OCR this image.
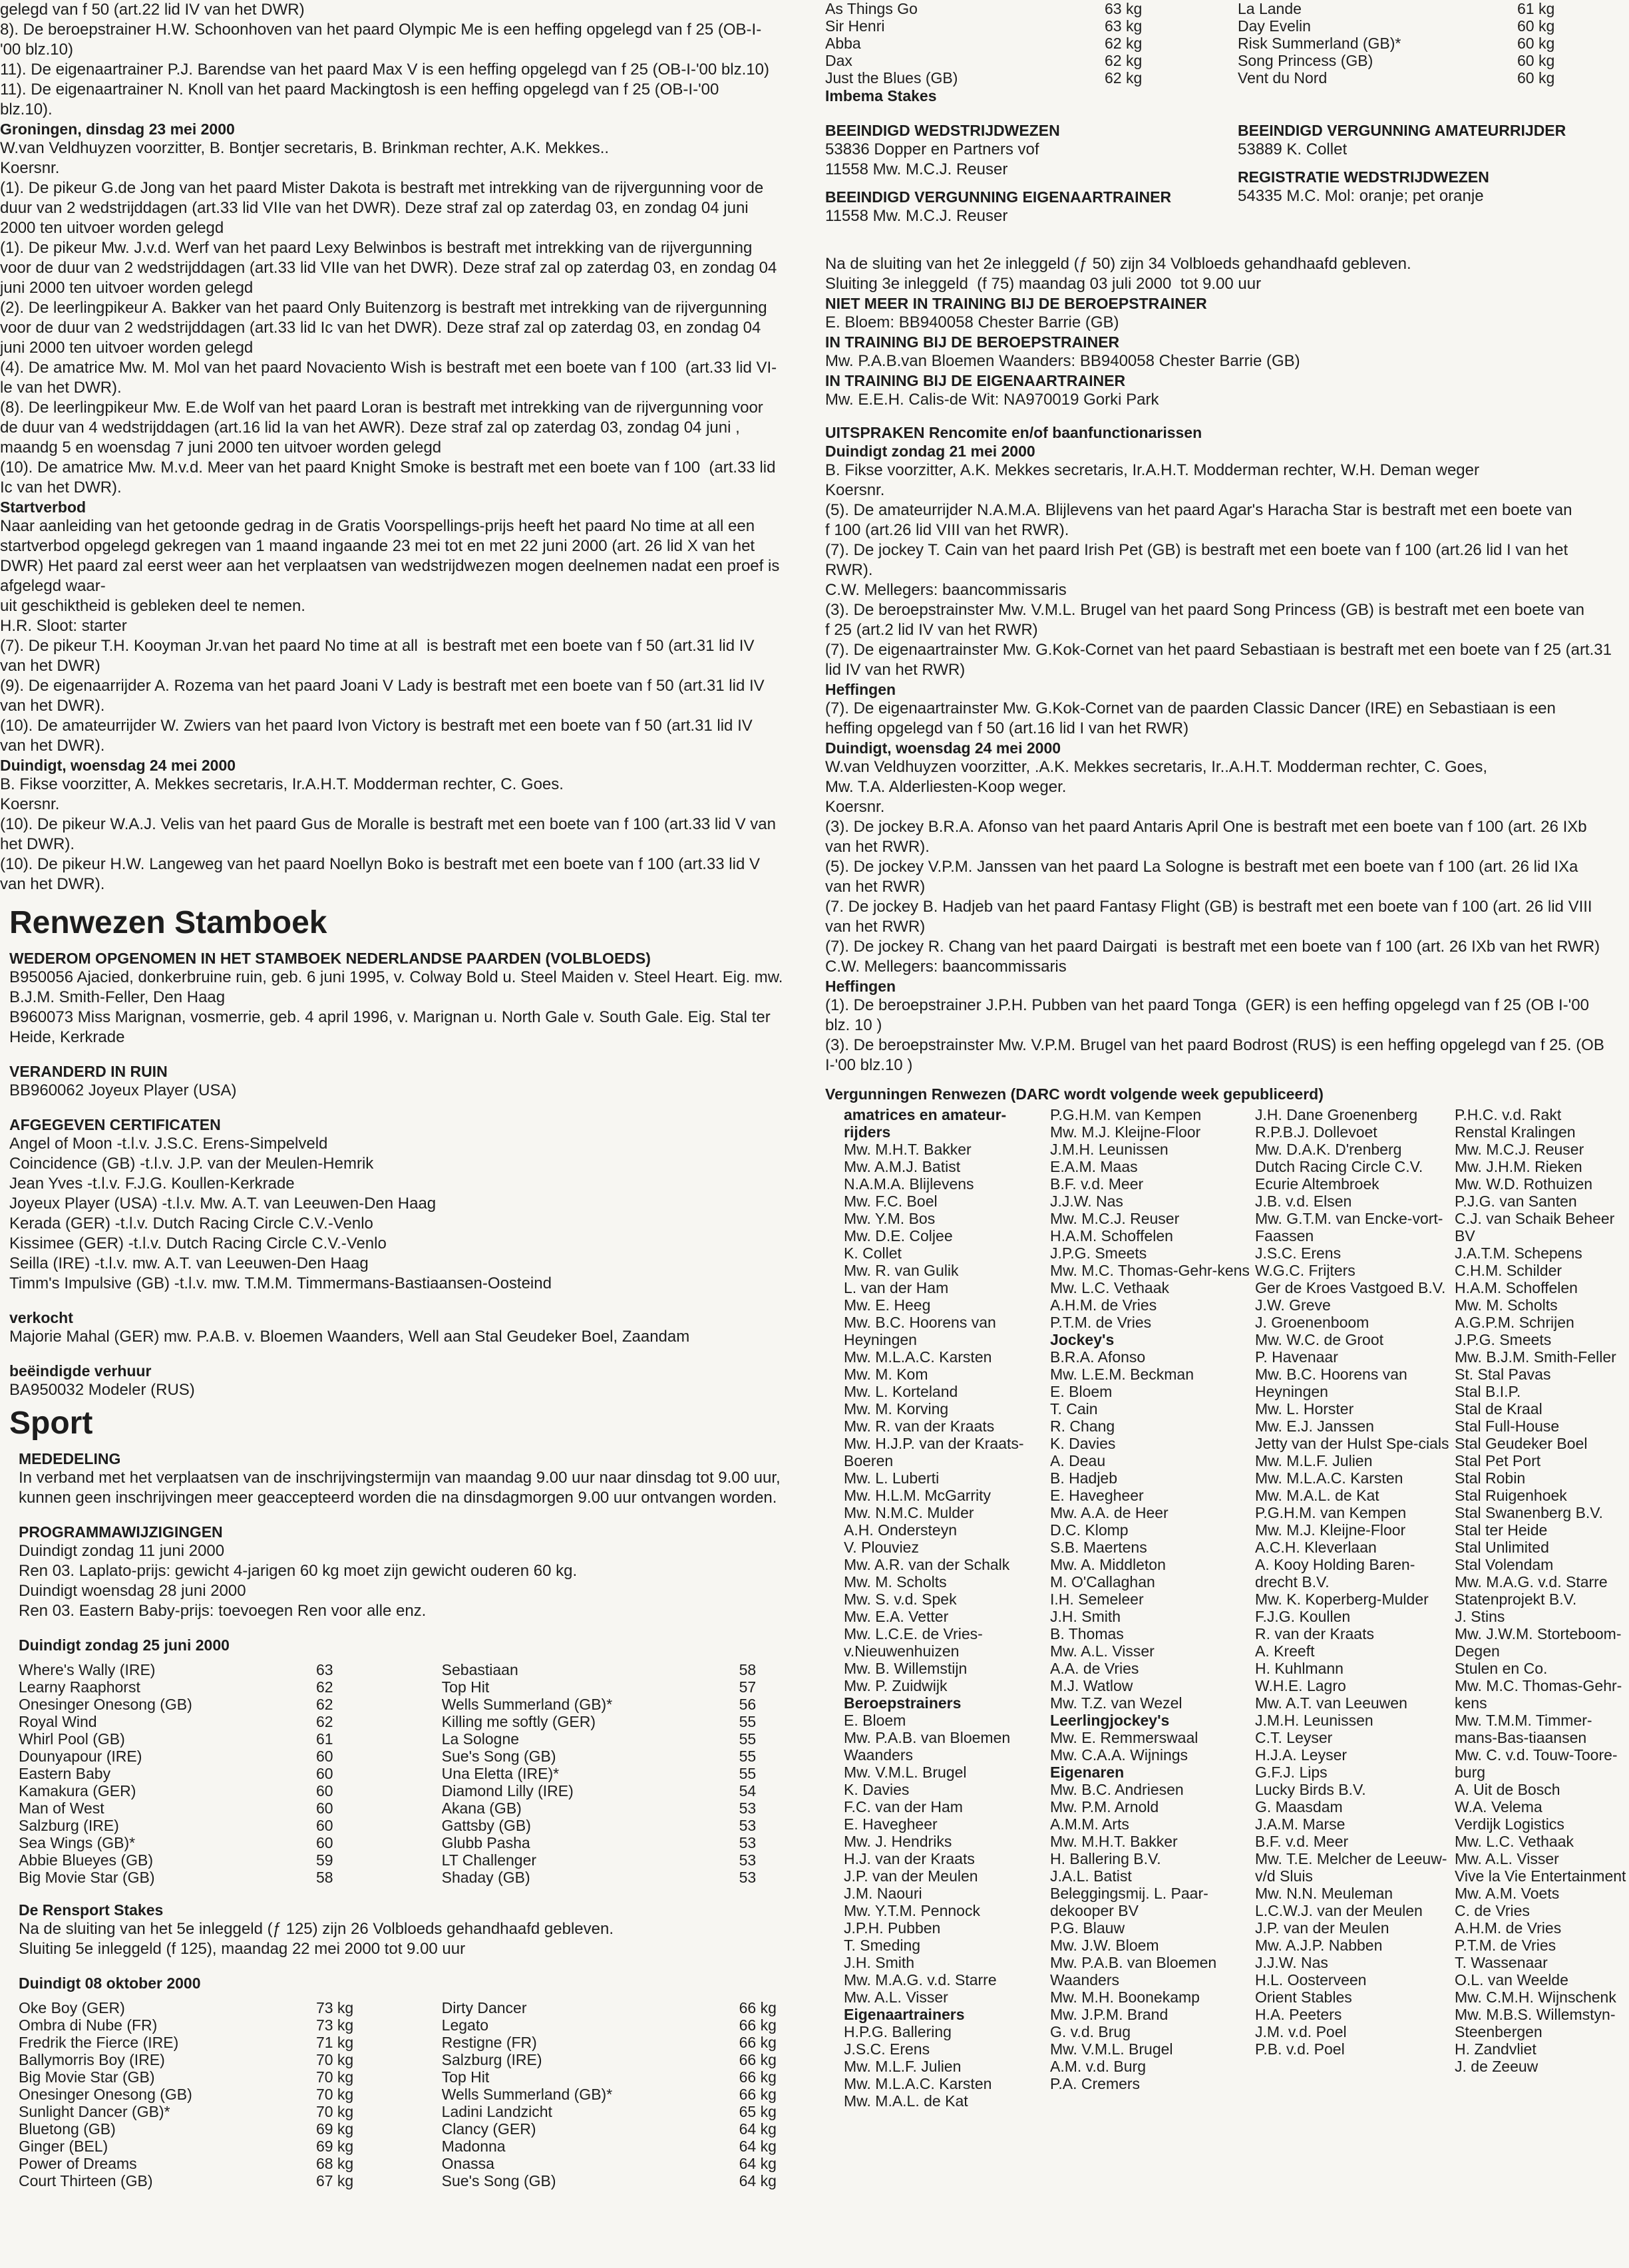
gelegd van f 50 (art.22 lid IV van het DWR)

8). De beroepstrainer H.W. Schoonhoven van het paard Olympic Me is een heffing opgelegd van f 25 (OB-I-

'00 blz.10)

11). De eigenaartrainer P.J. Barendse van het paard Max V is een heffing opgelegd van f 25 (OB-I-'00 blz.10)

11). De eigenaartrainer N. Knoll van het paard Mackingtosh is een heffing opgelegd van f 25 (OB-I-'00

blz.10).

Groningen, dinsdag 23 mei 2000

W.van Veldhuyzen voorzitter, B. Bontjer secretaris, B. Brinkman rechter, A.K. Mekkes..

Koersnr.

(1). De pikeur G.de Jong van het paard Mister Dakota is bestraft met intrekking van de rijvergunning voor de

duur van 2 wedstrijddagen (art.33 lid VIIe van het DWR). Deze straf zal op zaterdag 03, en zondag 04 juni

2000 ten uitvoer worden gelegd

(1). De pikeur Mw. J.v.d. Werf van het paard Lexy Belwinbos is bestraft met intrekking van de rijvergunning

voor de duur van 2 wedstrijddagen (art.33 lid VIIe van het DWR). Deze straf zal op zaterdag 03, en zondag 04

juni 2000 ten uitvoer worden gelegd

(2). De leerlingpikeur A. Bakker van het paard Only Buitenzorg is bestraft met intrekking van de rijvergunning

voor de duur van 2 wedstrijddagen (art.33 lid Ic van het DWR). Deze straf zal op zaterdag 03, en zondag 04

juni 2000 ten uitvoer worden gelegd

(4). De amatrice Mw. M. Mol van het paard Novaciento Wish is bestraft met een boete van f 100  (art.33 lid VI-

le van het DWR).

(8). De leerlingpikeur Mw. E.de Wolf van het paard Loran is bestraft met intrekking van de rijvergunning voor

de duur van 4 wedstrijddagen (art.16 lid Ia van het AWR). Deze straf zal op zaterdag 03, zondag 04 juni ,

maandg 5 en woensdag 7 juni 2000 ten uitvoer worden gelegd

(10). De amatrice Mw. M.v.d. Meer van het paard Knight Smoke is bestraft met een boete van f 100  (art.33 lid

Ic van het DWR).

Startverbod

Naar aanleiding van het getoonde gedrag in de Gratis Voorspellings-prijs heeft het paard No time at all een

startverbod opgelegd gekregen van 1 maand ingaande 23 mei tot en met 22 juni 2000 (art. 26 lid X van het

DWR) Het paard zal eerst weer aan het verplaatsen van wedstrijdwezen mogen deelnemen nadat een proef is afgelegd waar-

uit geschiktheid is gebleken deel te nemen.

H.R. Sloot: starter

(7). De pikeur T.H. Kooyman Jr.van het paard No time at all  is bestraft met een boete van f 50 (art.31 lid IV

van het DWR)

(9). De eigenaarrijder A. Rozema van het paard Joani V Lady is bestraft met een boete van f 50 (art.31 lid IV

van het DWR).

(10). De amateurrijder W. Zwiers van het paard Ivon Victory is bestraft met een boete van f 50 (art.31 lid IV

van het DWR).

Duindigt, woensdag 24 mei 2000

B. Fikse voorzitter, A. Mekkes secretaris, Ir.A.H.T. Modderman rechter, C. Goes.

Koersnr.

(10). De pikeur W.A.J. Velis van het paard Gus de Moralle is bestraft met een boete van f 100 (art.33 lid V van

het DWR).

(10). De pikeur H.W. Langeweg van het paard Noellyn Boko is bestraft met een boete van f 100 (art.33 lid V

van het DWR).

Renwezen Stamboek

WEDEROM OPGENOMEN IN HET STAMBOEK NEDERLANDSE PAARDEN (VOLBLOEDS)

B950056 Ajacied, donkerbruine ruin, geb. 6 juni 1995, v. Colway Bold u. Steel Maiden v. Steel Heart. Eig. mw.

B.J.M. Smith-Feller, Den Haag

B960073 Miss Marignan, vosmerrie, geb. 4 april 1996, v. Marignan u. North Gale v. South Gale. Eig. Stal ter

Heide, Kerkrade

VERANDERD IN RUIN

BB960062 Joyeux Player (USA)

AFGEGEVEN CERTIFICATEN

Angel of Moon -t.l.v. J.S.C. Erens-Simpelveld

Coincidence (GB) -t.l.v. J.P. van der Meulen-Hemrik

Jean Yves -t.l.v. F.J.G. Koullen-Kerkrade

Joyeux Player (USA) -t.l.v. Mw. A.T. van Leeuwen-Den Haag

Kerada (GER) -t.l.v. Dutch Racing Circle C.V.-Venlo

Kissimee (GER) -t.l.v. Dutch Racing Circle C.V.-Venlo

Seilla (IRE) -t.l.v. mw. A.T. van Leeuwen-Den Haag

Timm's Impulsive (GB) -t.l.v. mw. T.M.M. Timmermans-Bastiaansen-Oosteind

verkocht

Majorie Mahal (GER) mw. P.A.B. v. Bloemen Waanders, Well aan Stal Geudeker Boel, Zaandam

beëindigde verhuur

BA950032 Modeler (RUS)

Sport

MEDEDELING

In verband met het verplaatsen van de inschrijvingstermijn van maandag 9.00 uur naar dinsdag tot 9.00 uur,

kunnen geen inschrijvingen meer geaccepteerd worden die na dinsdagmorgen 9.00 uur ontvangen worden.

PROGRAMMAWIJZIGINGEN

Duindigt zondag 11 juni 2000

Ren 03. Laplato-prijs: gewicht 4-jarigen 60 kg moet zijn gewicht ouderen 60 kg.

Duindigt woensdag 28 juni 2000

Ren 03. Eastern Baby-prijs: toevoegen Ren voor alle enz.

Duindigt zondag 25 juni 2000

Where's Wally (IRE)	63	Sebastiaan	58
Learny Raaphorst	62	Top Hit	57
Onesinger Onesong (GB)	62	Wells Summerland (GB)*	56
Royal Wind	62	Killing me softly (GER)	55
Whirl Pool (GB)	61	La Sologne	55
Dounyapour (IRE)	60	Sue's Song (GB)	55
Eastern Baby	60	Una Eletta (IRE)*	55
Kamakura (GER)	60	Diamond Lilly (IRE)	54
Man of West	60	Akana (GB)	53
Salzburg (IRE)	60	Gattsby (GB)	53
Sea Wings (GB)*	60	Glubb Pasha	53
Abbie Blueyes (GB)	59	LT Challenger	53
Big Movie Star (GB)	58	Shaday (GB)	53

De Rensport Stakes

Na de sluiting van het 5e inleggeld (ƒ 125) zijn 26 Volbloeds gehandhaafd gebleven.

Sluiting 5e inleggeld (f 125), maandag 22 mei 2000 tot 9.00 uur

Duindigt 08 oktober 2000

Oke Boy (GER)	73 kg	Dirty Dancer	66 kg
Ombra di Nube (FR)	73 kg	Legato	66 kg
Fredrik the Fierce (IRE)	71 kg	Restigne (FR)	66 kg
Ballymorris Boy (IRE)	70 kg	Salzburg (IRE)	66 kg
Big Movie Star (GB)	70 kg	Top Hit	66 kg
Onesinger Onesong (GB)	70 kg	Wells Summerland (GB)*	66 kg
Sunlight Dancer (GB)*	70 kg	Ladini Landzicht	65 kg
Bluetong (GB)	69 kg	Clancy (GER)	64 kg
Ginger (BEL)	69 kg	Madonna	64 kg
Power of Dreams	68 kg	Onassa	64 kg
Court Thirteen (GB)	67 kg	Sue's Song (GB)	64 kg
As Things Go	63 kg
Sir Henri	63 kg
Abba	62 kg
Dax	62 kg
Just the Blues (GB)	62 kg

Imbema Stakes

BEEINDIGD WEDSTRIJDWEZEN

53836 Dopper en Partners vof

11558 Mw. M.C.J. Reuser

BEEINDIGD VERGUNNING EIGENAARTRAINER

11558 Mw. M.C.J. Reuser

La Lande	61 kg
Day Evelin	60 kg
Risk Summerland (GB)*	60 kg
Song Princess (GB)	60 kg
Vent du Nord	60 kg

BEEINDIGD VERGUNNING AMATEURRIJDER

53889 K. Collet

REGISTRATIE WEDSTRIJDWEZEN

54335 M.C. Mol: oranje; pet oranje

Na de sluiting van het 2e inleggeld (ƒ 50) zijn 34 Volbloeds gehandhaafd gebleven.

Sluiting 3e inleggeld  (f 75) maandag 03 juli 2000  tot 9.00 uur

NIET MEER IN TRAINING BIJ DE BEROEPSTRAINER

E. Bloem: BB940058 Chester Barrie (GB)

IN TRAINING BIJ DE BEROEPSTRAINER

Mw. P.A.B.van Bloemen Waanders: BB940058 Chester Barrie (GB)

IN TRAINING BIJ DE EIGENAARTRAINER

Mw. E.E.H. Calis-de Wit: NA970019 Gorki Park

UITSPRAKEN Rencomite en/of baanfunctionarissen

Duindigt zondag 21 mei 2000

B. Fikse voorzitter, A.K. Mekkes secretaris, Ir.A.H.T. Modderman rechter, W.H. Deman weger

Koersnr.

(5). De amateurrijder N.A.M.A. Blijlevens van het paard Agar's Haracha Star is bestraft met een boete van

f 100 (art.26 lid VIII van het RWR).

(7). De jockey T. Cain van het paard Irish Pet (GB) is bestraft met een boete van f 100 (art.26 lid I van het

RWR).

C.W. Mellegers: baancommissaris

(3). De beroepstrainster Mw. V.M.L. Brugel van het paard Song Princess (GB) is bestraft met een boete van

f 25 (art.2 lid IV van het RWR)

(7). De eigenaartrainster Mw. G.Kok-Cornet van het paard Sebastiaan is bestraft met een boete van f 25 (art.31

lid IV van het RWR)

Heffingen

(7). De eigenaartrainster Mw. G.Kok-Cornet van de paarden Classic Dancer (IRE) en Sebastiaan is een

heffing opgelegd van f 50 (art.16 lid I van het RWR)

Duindigt, woensdag 24 mei 2000

W.van Veldhuyzen voorzitter, .A.K. Mekkes secretaris, Ir..A.H.T. Modderman rechter, C. Goes,

Mw. T.A. Alderliesten-Koop weger.

Koersnr.

(3). De jockey B.R.A. Afonso van het paard Antaris April One is bestraft met een boete van f 100 (art. 26 IXb

van het RWR).

(5). De jockey V.P.M. Janssen van het paard La Sologne is bestraft met een boete van f 100 (art. 26 lid IXa

van het RWR)

(7. De jockey B. Hadjeb van het paard Fantasy Flight (GB) is bestraft met een boete van f 100 (art. 26 lid VIII

van het RWR)

(7). De jockey R. Chang van het paard Dairgati  is bestraft met een boete van f 100 (art. 26 IXb van het RWR)

C.W. Mellegers: baancommissaris

Heffingen

(1). De beroepstrainer J.P.H. Pubben van het paard Tonga  (GER) is een heffing opgelegd van f 25 (OB I-'00

blz. 10 )

(3). De beroepstrainster Mw. V.P.M. Brugel van het paard Bodrost (RUS) is een heffing opgelegd van f 25. (OB

I-'00 blz.10 )

Vergunningen Renwezen (DARC wordt volgende week gepubliceerd)

amatrices en amateur-rijders

Mw. M.H.T. Bakker

Mw. A.M.J. Batist

N.A.M.A. Blijlevens

Mw. F.C. Boel

Mw. Y.M. Bos

Mw. D.E. Coljee

K. Collet

Mw. R. van Gulik

L. van der Ham

Mw. E. Heeg

Mw. B.C. Hoorens van Heyningen

Mw. M.L.A.C. Karsten

Mw. M. Kom

Mw. L. Korteland

Mw. M. Korving

Mw. R. van der Kraats

Mw. H.J.P. van der Kraats-Boeren

Mw. L. Luberti

Mw. H.L.M. McGarrity

Mw. N.M.C. Mulder

A.H. Ondersteyn

V. Plouviez

Mw. A.R. van der Schalk

Mw. M. Scholts

Mw. S. v.d. Spek

Mw. E.A. Vetter

Mw. L.C.E. de Vries-v.Nieuwenhuizen

Mw. B. Willemstijn

Mw. P. Zuidwijk

Beroepstrainers

E. Bloem

Mw. P.A.B. van Bloemen Waanders

Mw. V.M.L. Brugel

K. Davies

F.C. van der Ham

E. Havegheer

Mw. J. Hendriks

H.J. van der Kraats

J.P. van der Meulen

J.M. Naouri

Mw. Y.T.M. Pennock

J.P.H. Pubben

T. Smeding

J.H. Smith

Mw. M.A.G. v.d. Starre

Mw. A.L. Visser

Eigenaartrainers

H.P.G. Ballering

J.S.C. Erens

Mw. M.L.F. Julien

Mw. M.L.A.C. Karsten

Mw. M.A.L. de Kat

P.G.H.M. van Kempen

Mw. M.J. Kleijne-Floor

J.M.H. Leunissen

E.A.M. Maas

B.F. v.d. Meer

J.J.W. Nas

Mw. M.C.J. Reuser

H.A.M. Schoffelen

J.P.G. Smeets

Mw. M.C. Thomas-Gehr-kens

Mw. L.C. Vethaak

A.H.M. de Vries

P.T.M. de Vries

Jockey's

B.R.A. Afonso

Mw. L.E.M. Beckman

E. Bloem

T. Cain

R. Chang

K. Davies

A. Deau

B. Hadjeb

E. Havegheer

Mw. A.A. de Heer

D.C. Klomp

S.B. Maertens

Mw. A. Middleton

M. O'Callaghan

I.H. Semeleer

J.H. Smith

B. Thomas

Mw. A.L. Visser

A.A. de Vries

M.J. Watlow

Mw. T.Z. van Wezel

Leerlingjockey's

Mw. E. Remmerswaal

Mw. C.A.A. Wijnings

Eigenaren

Mw. B.C. Andriesen

Mw. P.M. Arnold

A.M.M. Arts

Mw. M.H.T. Bakker

H. Ballering B.V.

J.A.L. Batist

Beleggingsmij. L. Paar-dekooper BV

P.G. Blauw

Mw. J.W. Bloem

Mw. P.A.B. van Bloemen Waanders

Mw. M.H. Boonekamp

Mw. J.P.M. Brand

G. v.d. Brug

Mw. V.M.L. Brugel

A.M. v.d. Burg

P.A. Cremers

J.H. Dane Groenenberg

R.P.B.J. Dollevoet

Mw. D.A.K. D'renberg

Dutch Racing Circle C.V.

Ecurie Altembroek

J.B. v.d. Elsen

Mw. G.T.M. van Encke-vort-Faassen

J.S.C. Erens

W.G.C. Frijters

Ger de Kroes Vastgoed B.V.

J.W. Greve

J. Groenenboom

Mw. W.C. de Groot

P. Havenaar

Mw. B.C. Hoorens van Heyningen

Mw. L. Horster

Mw. E.J. Janssen

Jetty van der Hulst Spe-cials

Mw. M.L.F. Julien

Mw. M.L.A.C. Karsten

Mw. M.A.L. de Kat

P.G.H.M. van Kempen

Mw. M.J. Kleijne-Floor

A.C.H. Kleverlaan

A. Kooy Holding Baren-drecht B.V.

Mw. K. Koperberg-Mulder

F.J.G. Koullen

R. van der Kraats

A. Kreeft

H. Kuhlmann

W.H.E. Lagro

Mw. A.T. van Leeuwen

J.M.H. Leunissen

C.T. Leyser

H.J.A. Leyser

G.F.J. Lips

Lucky Birds B.V.

G. Maasdam

J.A.M. Marse

B.F. v.d. Meer

Mw. T.E. Melcher de Leeuw-v/d Sluis

Mw. N.N. Meuleman

L.C.W.J. van der Meulen

J.P. van der Meulen

Mw. A.J.P. Nabben

J.J.W. Nas

H.L. Oosterveen

Orient Stables

H.A. Peeters

J.M. v.d. Poel

P.B. v.d. Poel

P.H.C. v.d. Rakt

Renstal Kralingen

Mw. M.C.J. Reuser

Mw. J.H.M. Rieken

Mw. W.D. Rothuizen

P.J.G. van Santen

C.J. van Schaik Beheer BV

J.A.T.M. Schepens

C.H.M. Schilder

H.A.M. Schoffelen

Mw. M. Scholts

A.G.P.M. Schrijen

J.P.G. Smeets

Mw. B.J.M. Smith-Feller

St. Stal Pavas

Stal B.I.P.

Stal de Kraal

Stal Full-House

Stal Geudeker Boel

Stal Pet Port

Stal Robin

Stal Ruigenhoek

Stal Swanenberg B.V.

Stal ter Heide

Stal Unlimited

Stal Volendam

Mw. M.A.G. v.d. Starre

Statenprojekt B.V.

J. Stins

Mw. J.W.M. Storteboom-Degen

Stulen en Co.

Mw. M.C. Thomas-Gehr-kens

Mw. T.M.M. Timmer-mans-Bas-tiaansen

Mw. C. v.d. Touw-Toore-burg

A. Uit de Bosch

W.A. Velema

Verdijk Logistics

Mw. L.C. Vethaak

Mw. A.L. Visser

Vive la Vie Entertainment

Mw. A.M. Voets

C. de Vries

A.H.M. de Vries

P.T.M. de Vries

T. Wassenaar

O.L. van Weelde

Mw. C.M.H. Wijnschenk

Mw. M.B.S. Willemstyn-Steenbergen

H. Zandvliet

J. de Zeeuw
